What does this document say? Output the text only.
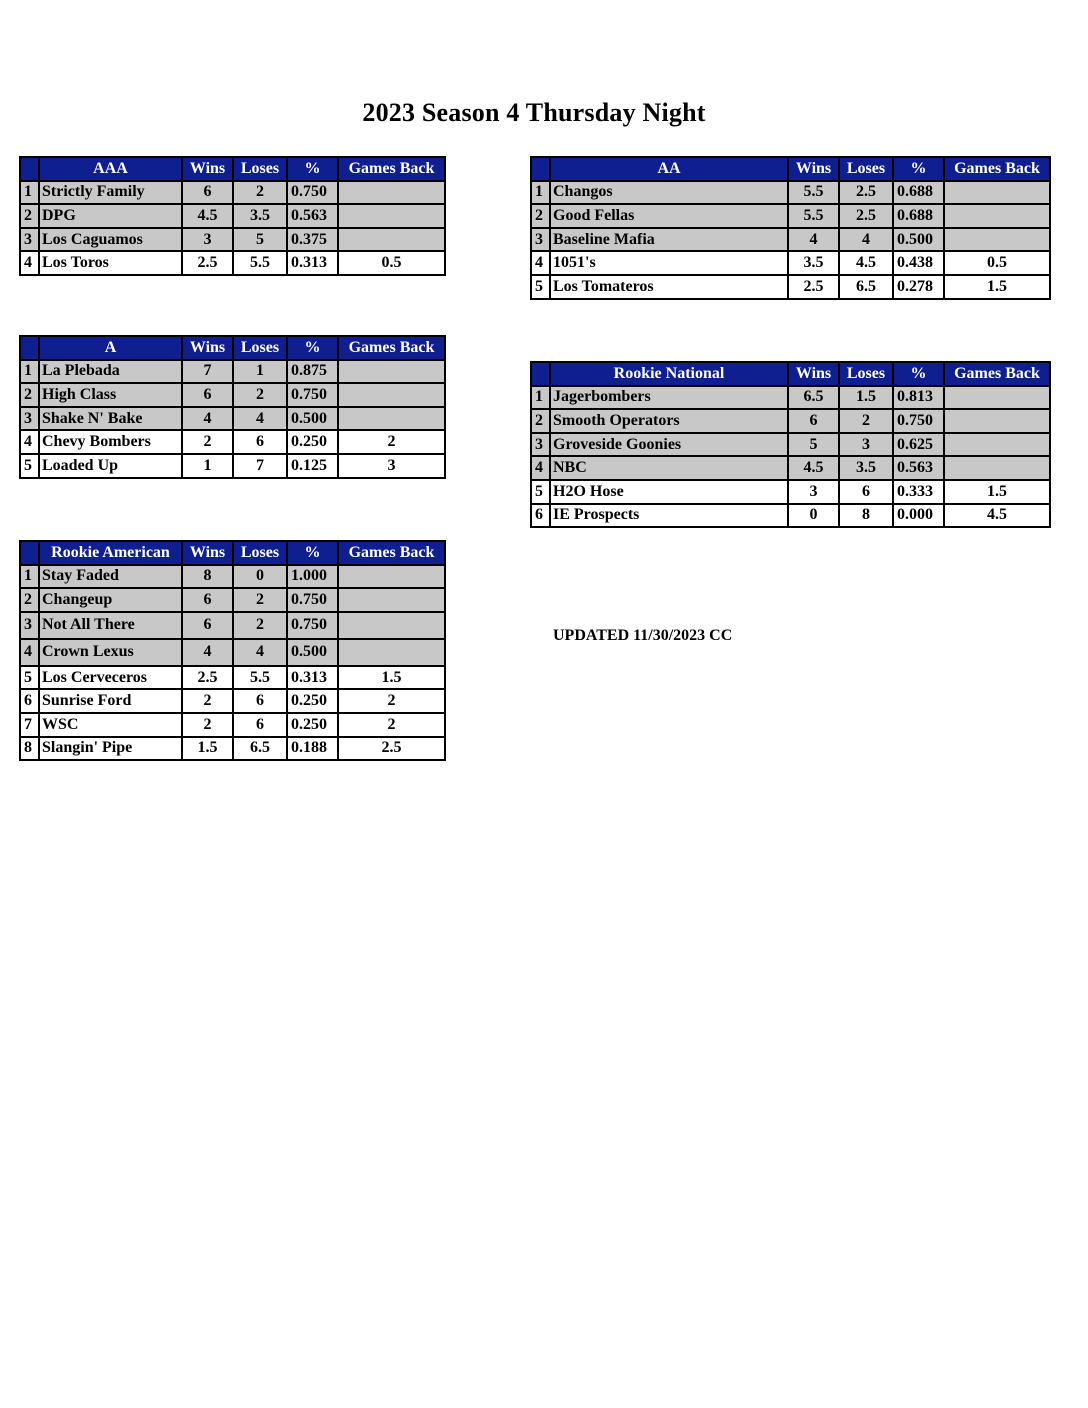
2023 Season 4 Thursday Night
	AAA	Wins	Loses	%	Games Back
1	Strictly Family	6	2	0.750	
2	DPG	4.5	3.5	0.563	
3	Los Caguamos	3	5	0.375	
4	Los Toros	2.5	5.5	0.313	0.5
	A	Wins	Loses	%	Games Back
1	La Plebada	7	1	0.875	
2	High Class	6	2	0.750	
3	Shake N' Bake	4	4	0.500	
4	Chevy Bombers	2	6	0.250	2
5	Loaded Up	1	7	0.125	3
	Rookie American	Wins	Loses	%	Games Back
1	Stay Faded	8	0	1.000	
2	Changeup	6	2	0.750	
3	Not All There	6	2	0.750	
4	Crown Lexus	4	4	0.500	
5	Los Cerveceros	2.5	5.5	0.313	1.5
6	Sunrise Ford	2	6	0.250	2
7	WSC	2	6	0.250	2
8	Slangin' Pipe	1.5	6.5	0.188	2.5
	AA	Wins	Loses	%	Games Back
1	Changos	5.5	2.5	0.688	
2	Good Fellas	5.5	2.5	0.688	
3	Baseline Mafia	4	4	0.500	
4	1051's	3.5	4.5	0.438	0.5
5	Los Tomateros	2.5	6.5	0.278	1.5
	Rookie National	Wins	Loses	%	Games Back
1	Jagerbombers	6.5	1.5	0.813	
2	Smooth Operators	6	2	0.750	
3	Groveside Goonies	5	3	0.625	
4	NBC	4.5	3.5	0.563	
5	H2O Hose	3	6	0.333	1.5
6	IE Prospects	0	8	0.000	4.5
UPDATED 11/30/2023 CC
